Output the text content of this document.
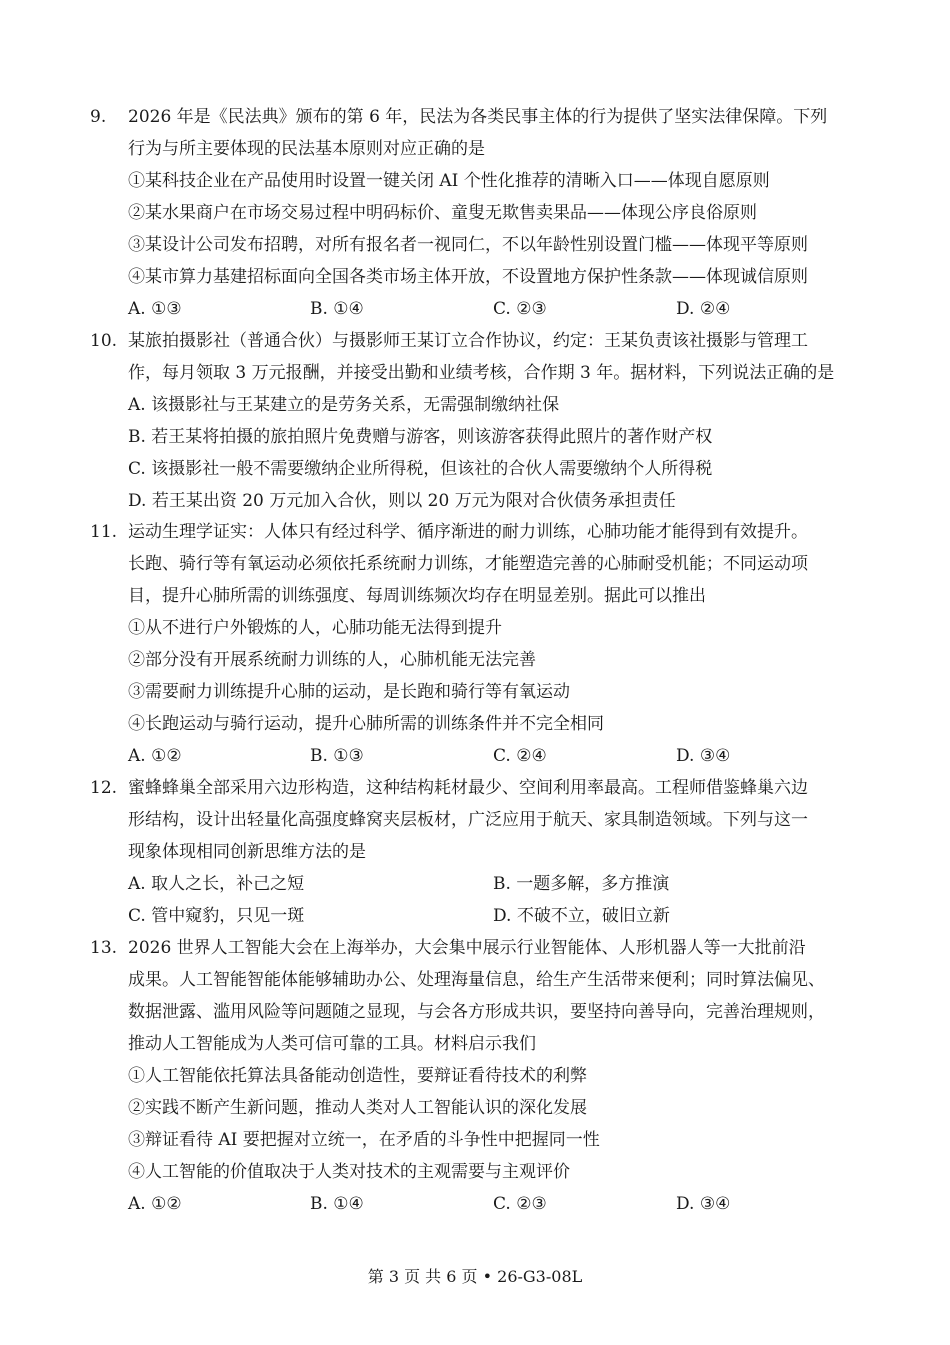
9. 2026 年是《民法典》颁布的第 6 年，民法为各类民事主体的行为提供了坚实法律保障。下列
行为与所主要体现的民法基本原则对应正确的是
①某科技企业在产品使用时设置一键关闭 AI 个性化推荐的清晰入口——体现自愿原则
②某水果商户在市场交易过程中明码标价、童叟无欺售卖果品——体现公序良俗原则
③某设计公司发布招聘，对所有报名者一视同仁，不以年龄性别设置门槛——体现平等原则
④某市算力基建招标面向全国各类市场主体开放，不设置地方保护性条款——体现诚信原则
A. ①③	B. ①④	C. ②③	D. ②④
10. 某旅拍摄影社（普通合伙）与摄影师王某订立合作协议，约定：王某负责该社摄影与管理工
作，每月领取 3 万元报酬，并接受出勤和业绩考核，合作期 3 年。据材料，下列说法正确的是
A. 该摄影社与王某建立的是劳务关系，无需强制缴纳社保
B. 若王某将拍摄的旅拍照片免费赠与游客，则该游客获得此照片的著作财产权
C. 该摄影社一般不需要缴纳企业所得税，但该社的合伙人需要缴纳个人所得税
D. 若王某出资 20 万元加入合伙，则以 20 万元为限对合伙债务承担责任
11. 运动生理学证实：人体只有经过科学、循序渐进的耐力训练，心肺功能才能得到有效提升。
长跑、骑行等有氧运动必须依托系统耐力训练，才能塑造完善的心肺耐受机能；不同运动项
目，提升心肺所需的训练强度、每周训练频次均存在明显差别。据此可以推出
①从不进行户外锻炼的人，心肺功能无法得到提升
②部分没有开展系统耐力训练的人，心肺机能无法完善
③需要耐力训练提升心肺的运动，是长跑和骑行等有氧运动
④长跑运动与骑行运动，提升心肺所需的训练条件并不完全相同
A. ①②	B. ①③	C. ②④	D. ③④
12. 蜜蜂蜂巢全部采用六边形构造，这种结构耗材最少、空间利用率最高。工程师借鉴蜂巢六边
形结构，设计出轻量化高强度蜂窝夹层板材，广泛应用于航天、家具制造领域。下列与这一
现象体现相同创新思维方法的是
A. 取人之长，补己之短	B. 一题多解，多方推演
C. 管中窥豹，只见一斑	D. 不破不立，破旧立新
13. 2026 世界人工智能大会在上海举办，大会集中展示行业智能体、人形机器人等一大批前沿
成果。人工智能智能体能够辅助办公、处理海量信息，给生产生活带来便利；同时算法偏见、
数据泄露、滥用风险等问题随之显现，与会各方形成共识，要坚持向善导向，完善治理规则，
推动人工智能成为人类可信可靠的工具。材料启示我们
①人工智能依托算法具备能动创造性，要辩证看待技术的利弊
②实践不断产生新问题，推动人类对人工智能认识的深化发展
③辩证看待 AI 要把握对立统一，在矛盾的斗争性中把握同一性
④人工智能的价值取决于人类对技术的主观需要与主观评价
A. ①②	B. ①④	C. ②③	D. ③④
第 3 页 共 6 页 • 26-G3-08L
